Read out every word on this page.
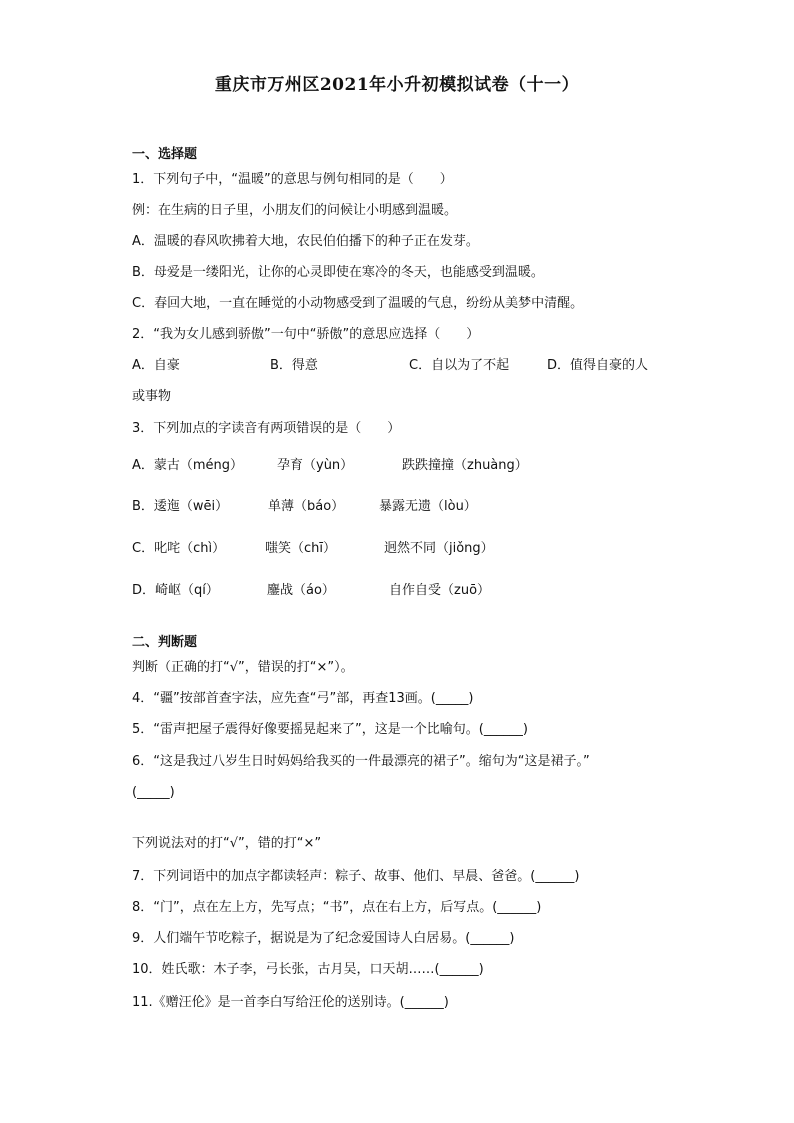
重庆市万州区2021年小升初模拟试卷（十一）
一、选择题
1．下列句子中，“温暖”的意思与例句相同的是（　　）
例：在生病的日子里，小朋友们的问候让小明感到温暖。
A．温暖的春风吹拂着大地，农民伯伯播下的种子正在发芽。
B．母爱是一缕阳光，让你的心灵即使在寒冷的冬天，也能感受到温暖。
C．春回大地，一直在睡觉的小动物感受到了温暖的气息，纷纷从美梦中清醒。
2．“我为女儿感到骄傲”一句中“骄傲”的意思应选择（　　）
A．自豪	B．得意	C．自以为了不起	D．值得自豪的人
或事物
3．下列加点的字读音有两项错误的是（　　）
A．蒙古（méng）	孕育（yùn）	跌跌撞撞（zhuàng）
B．逶迤（wēi）	单薄（báo）	暴露无遗（lòu）
C．叱咤（chì）	嗤笑（chī）	迥然不同（jiǒng）
D．崎岖（qí）	鏖战（áo）	自作自受（zuō）
二、判断题
判断（正确的打“√”，错误的打“×”）。
4．“疆”按部首查字法，应先查“弓”部，再查13画。(_____)
5．“雷声把屋子震得好像要摇晃起来了”，这是一个比喻句。(______)
6．“这是我过八岁生日时妈妈给我买的一件最漂亮的裙子”。缩句为“这是裙子。”
(_____)
下列说法对的打“√”，错的打“×”
7．下列词语中的加点字都读轻声：粽子、故事、他们、早晨、爸爸。(______)
8．“门”，点在左上方，先写点；“书”，点在右上方，后写点。(______)
9．人们端午节吃粽子，据说是为了纪念爱国诗人白居易。(______)
10．姓氏歌：木子李，弓长张，古月吴，口天胡……(______)
11.《赠汪伦》是一首李白写给汪伦的送别诗。(______)
